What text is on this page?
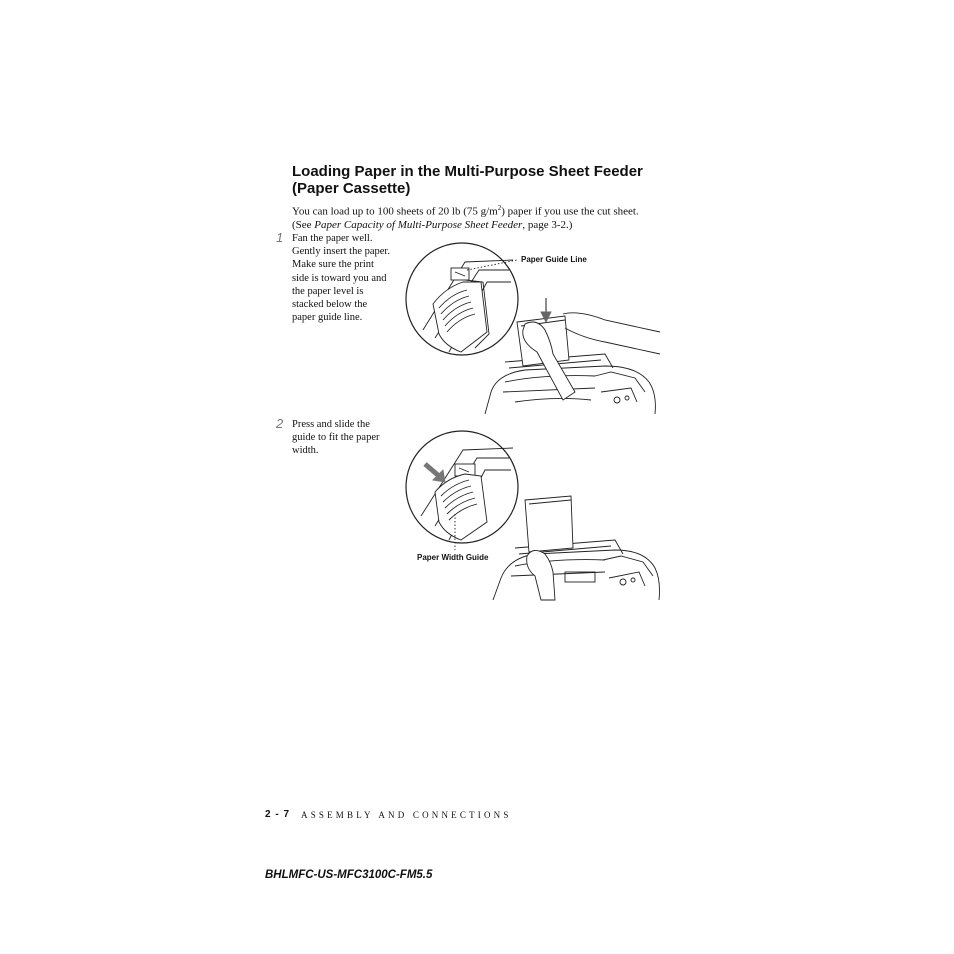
Loading Paper in the Multi-Purpose Sheet Feeder
(Paper Cassette)
You can load up to 100 sheets of 20 lb (75 $g/m^2$) paper if you use the cut sheet.
(See Paper Capacity of Multi-Purpose Sheet Feeder, page 3-2.)
1 Fan the paper well.
Gently insert the paper.
Make sure the print
side is toward you and
the paper level is
stacked below the
paper guide line.
Paper Guide Line
2 Press and slide the
guide to fit the paper
width.
Paper Width Guide
2 - 7 ASSEMBLY AND CONNECTIONS
BHLMFC-US-MFC3100C-FM5.5
